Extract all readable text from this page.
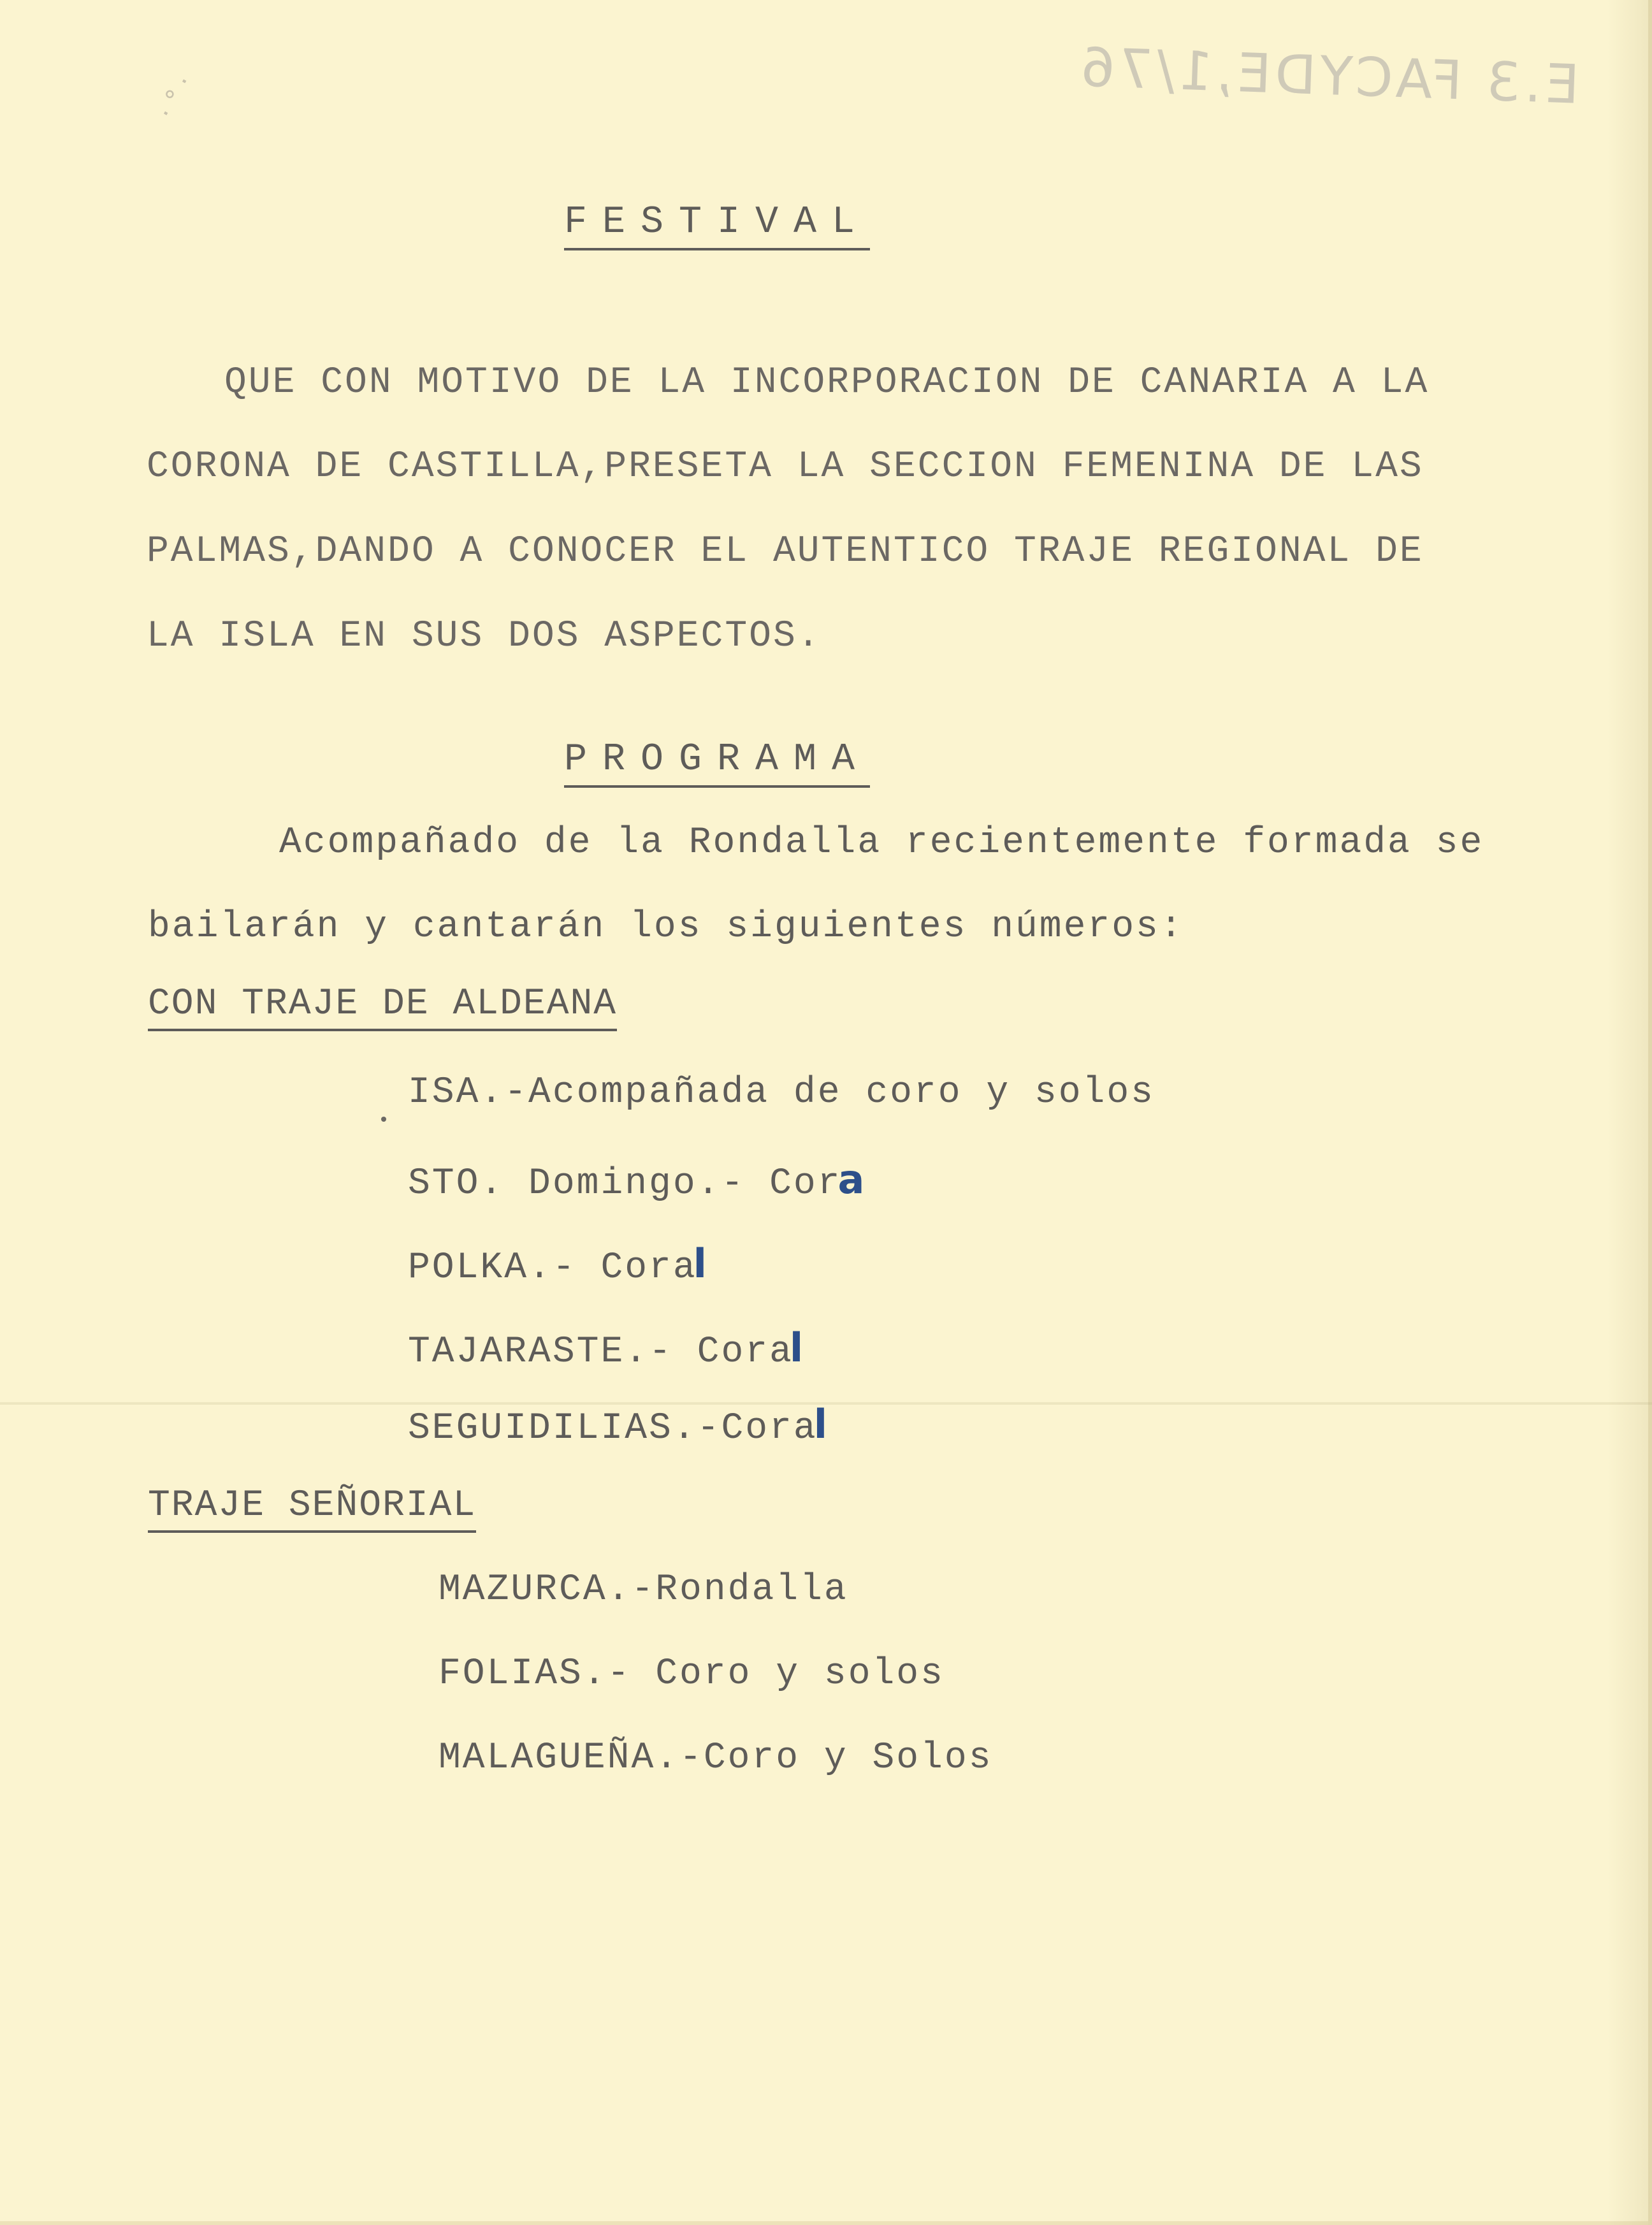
E.3 FACYDE,1/76
· ° ·
FESTIVAL
QUE CON MOTIVO DE LA INCORPORACION DE CANARIA A LA
CORONA DE CASTILLA,PRESETA LA SECCION FEMENINA DE LAS
PALMAS,DANDO A CONOCER EL AUTENTICO TRAJE REGIONAL DE
LA ISLA EN SUS DOS ASPECTOS.
PROGRAMA
Acompañado de la Rondalla recientemente formada se
bailarán y cantarán los siguientes números:
CON TRAJE DE ALDEANA
ISA.-Acompañada de coro y solos
STO. Domingo.- Cora
POLKA.- Coral
TAJARASTE.- Coral
SEGUIDILIAS.-Coral
TRAJE SEÑORIAL
MAZURCA.-Rondalla
FOLIAS.- Coro y solos
MALAGUEÑA.-Coro y Solos
